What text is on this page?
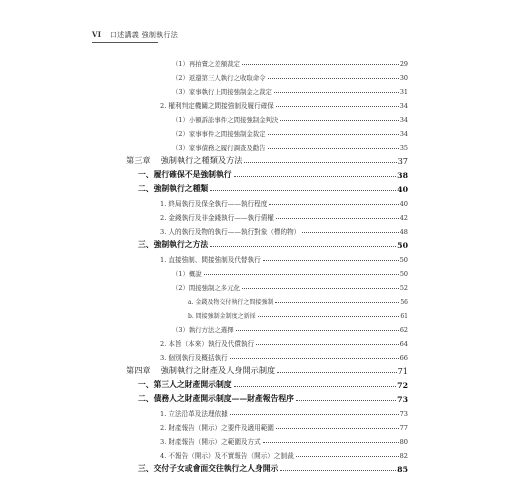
VI 口述講義 強制執行法
（1）再拍賣之差額裁定	29
（2）返還第三人執行之收取命令	30
（3）家事執行上間接強制金之裁定	31
2. 權利判定機關之間接強制及履行確保	34
（1）小額訴訟事件之間接強制金判決	34
（2）家事事件之間接強制金裁定	34
（3）家事債務之履行調查及勸告	35
第三章 強制執行之種類及方法	37
一、履行確保不是強制執行	38
二、強制執行之種類	40
1. 終局執行及保全執行——執行程度	40
2. 金錢執行及非金錢執行——執行債權	42
3. 人的執行及物的執行——執行對象（標的物）	48
三、強制執行之方法	50
1. 直接強制、間接強制及代替執行	50
（1）概說	50
（2）間接強制之多元化	52
a. 金錢及物交付執行之間接強制	56
b. 間接強制金制度之新採	61
（3）執行方法之選擇	62
2. 本旨（本來）執行及代償執行	64
3. 個別執行及概括執行	66
第四章 強制執行之財產及人身開示制度	71
一、第三人之財產開示制度	72
二、債務人之財產開示制度——財產報告程序	73
1. 立法沿革及法理依據	73
2. 財產報告（開示）之要件及適用範圍	77
3. 財產報告（開示）之範圍及方式	80
4. 不報告（開示）及不實報告（開示）之制裁	82
三、交付子女或會面交往執行之人身開示	85
